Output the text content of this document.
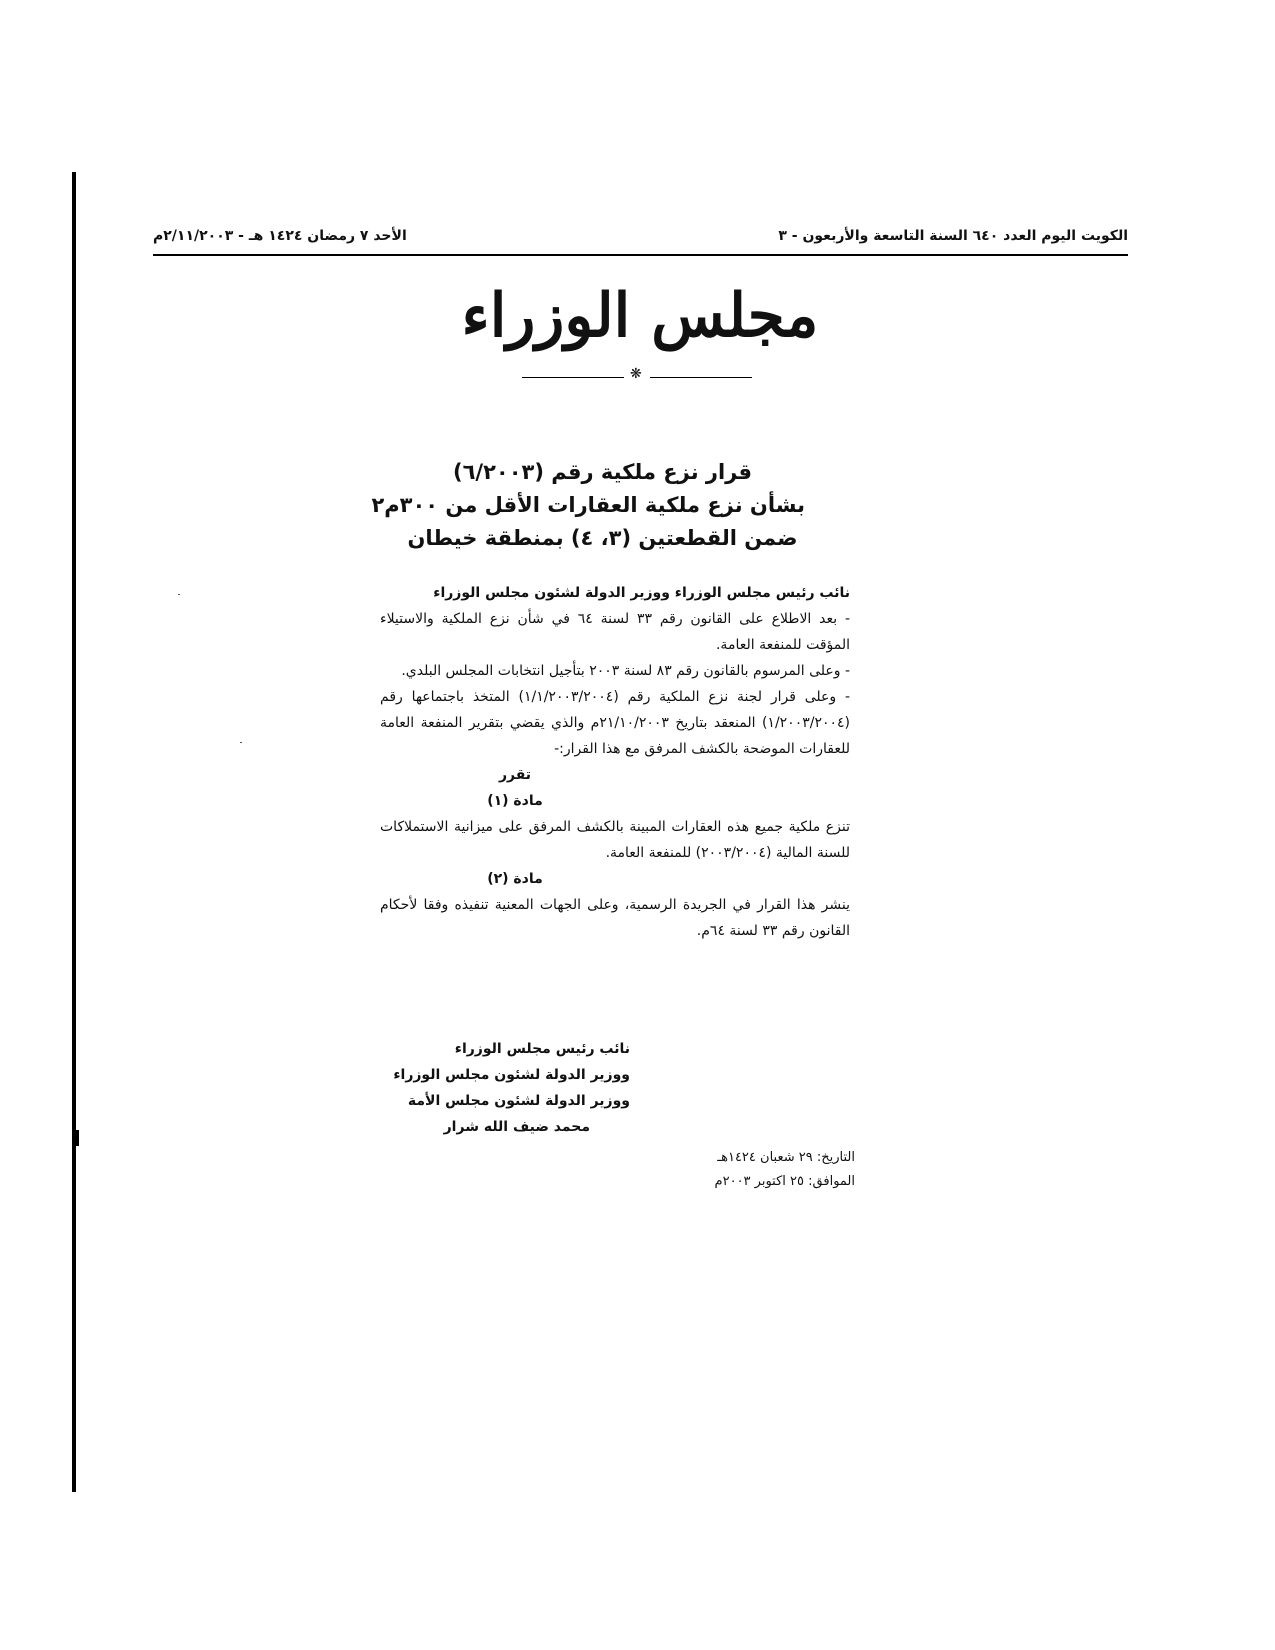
الكويت اليوم العدد ٦٤٠ السنة التاسعة والأربعون - ٣
الأحد ٧ رمضان ١٤٢٤ هـ - ٢/١١/٢٠٠٣م
مجلس الوزراء
❋
قرار نزع ملكية رقم (٦/٢٠٠٣)
بشأن نزع ملكية العقارات الأقل من ٣٠٠م٢
ضمن القطعتين (٣، ٤) بمنطقة خيطان

نائب رئيس مجلس الوزراء ووزير الدولة لشئون مجلس الوزراء

- بعد الاطلاع على القانون رقم ٣٣ لسنة ٦٤ في شأن نزع الملكية والاستيلاء المؤقت للمنفعة العامة.

- وعلى المرسوم بالقانون رقم ٨٣ لسنة ٢٠٠٣ بتأجيل انتخابات المجلس البلدي.

- وعلى قرار لجنة نزع الملكية رقم (١/١/٢٠٠٣/٢٠٠٤) المتخذ باجتماعها رقم (١/٢٠٠٣/٢٠٠٤) المنعقد بتاريخ ٢١/١٠/٢٠٠٣م والذي يقضي بتقرير المنفعة العامة للعقارات الموضحة بالكشف المرفق مع هذا القرار:-

تقرر

مادة (١)

تنزع ملكية جميع هذه العقارات المبينة بالكشف المرفق على ميزانية الاستملاكات للسنة المالية (٢٠٠٣/٢٠٠٤) للمنفعة العامة.

مادة (٢)

ينشر هذا القرار في الجريدة الرسمية، وعلى الجهات المعنية تنفيذه وفقا لأحكام القانون رقم ٣٣ لسنة ٦٤م.

نائب رئيس مجلس الوزراء
ووزير الدولة لشئون مجلس الوزراء
ووزير الدولة لشئون مجلس الأمة
محمد ضيف الله شرار
التاريخ: ٢٩ شعبان ١٤٢٤هـ
الموافق: ٢٥ اكتوبر ٢٠٠٣م
